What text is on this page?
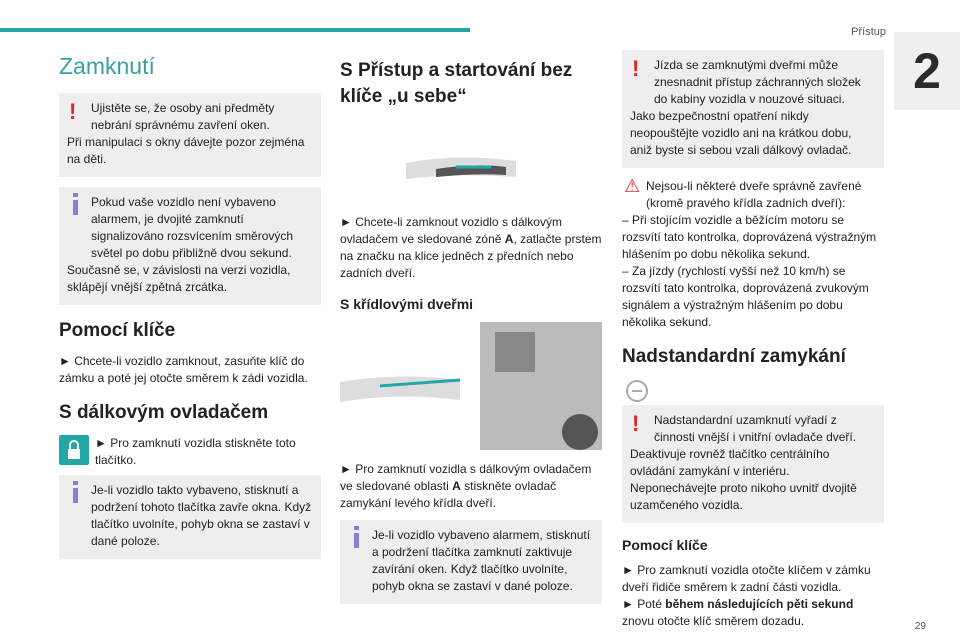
Přístup
2
Zamknutí
!	Ujistěte se, že osoby ani předměty nebrání správnému zavření oken.

Při manipulaci s okny dávejte pozor zejména na děti.

Pokud vaše vozidlo není vybaveno alarmem, je dvojité zamknutí signalizováno rozsvícením směrových světel po dobu přibližně dvou sekund.

Současně se, v závislosti na verzi vozidla, sklápějí vnější zpětná zrcátka.

Pomocí klíče

► Chcete-li vozidlo zamknout, zasuňte klíč do zámku a poté jej otočte směrem k zádi vozidla.

S dálkovým ovladačem

► Pro zamknutí vozidla stiskněte toto tlačítko.

Je-li vozidlo takto vybaveno, stisknutí a podržení tohoto tlačítka zavře okna. Když tlačítko uvolníte, pohyb okna se zastaví v dané poloze.

S Přístup a startování bez klíče „u sebe“

► Chcete-li zamknout vozidlo s dálkovým ovladačem ve sledované zóně A, zatlačte prstem na značku na klice jedněch z předních nebo zadních dveří.

S křídlovými dveřmi

► Pro zamknutí vozidla s dálkovým ovladačem ve sledované oblasti A stiskněte ovladač zamykání levého křídla dveří.

Je-li vozidlo vybaveno alarmem, stisknutí a podržení tlačítka zamknutí zaktivuje zavírání oken. Když tlačítko uvolníte, pohyb okna se zastaví v dané poloze.

!	Jízda se zamknutými dveřmi může znesnadnit přístup záchranných složek do kabiny vozidla v nouzové situaci.

Jako bezpečnostní opatření nikdy neopouštějte vozidlo ani na krátkou dobu, aniž byste si sebou vzali dálkový ovladač.

⚠ Nejsou-li některé dveře správně zavřené (kromě pravého křídla zadních dveří):

– Při stojícím vozidle a běžícím motoru se rozsvítí tato kontrolka, doprovázená výstražným hlášením po dobu několika sekund.

– Za jízdy (rychlostí vyšší než 10 km/h) se rozsvítí tato kontrolka, doprovázená zvukovým signálem a výstražným hlášením po dobu několika sekund.

Nadstandardní zamykání
!	Nadstandardní uzamknutí vyřadí z činnosti vnější i vnitřní ovladače dveří.

Deaktivuje rovněž tlačítko centrálního ovládání zamykání v interiéru.

Neponechávejte proto nikoho uvnitř dvojitě uzamčeného vozidla.

Pomocí klíče

► Pro zamknutí vozidla otočte klíčem v zámku dveří řidiče směrem k zadní části vozidla.

► Poté během následujících pěti sekund znovu otočte klíč směrem dozadu.	29
